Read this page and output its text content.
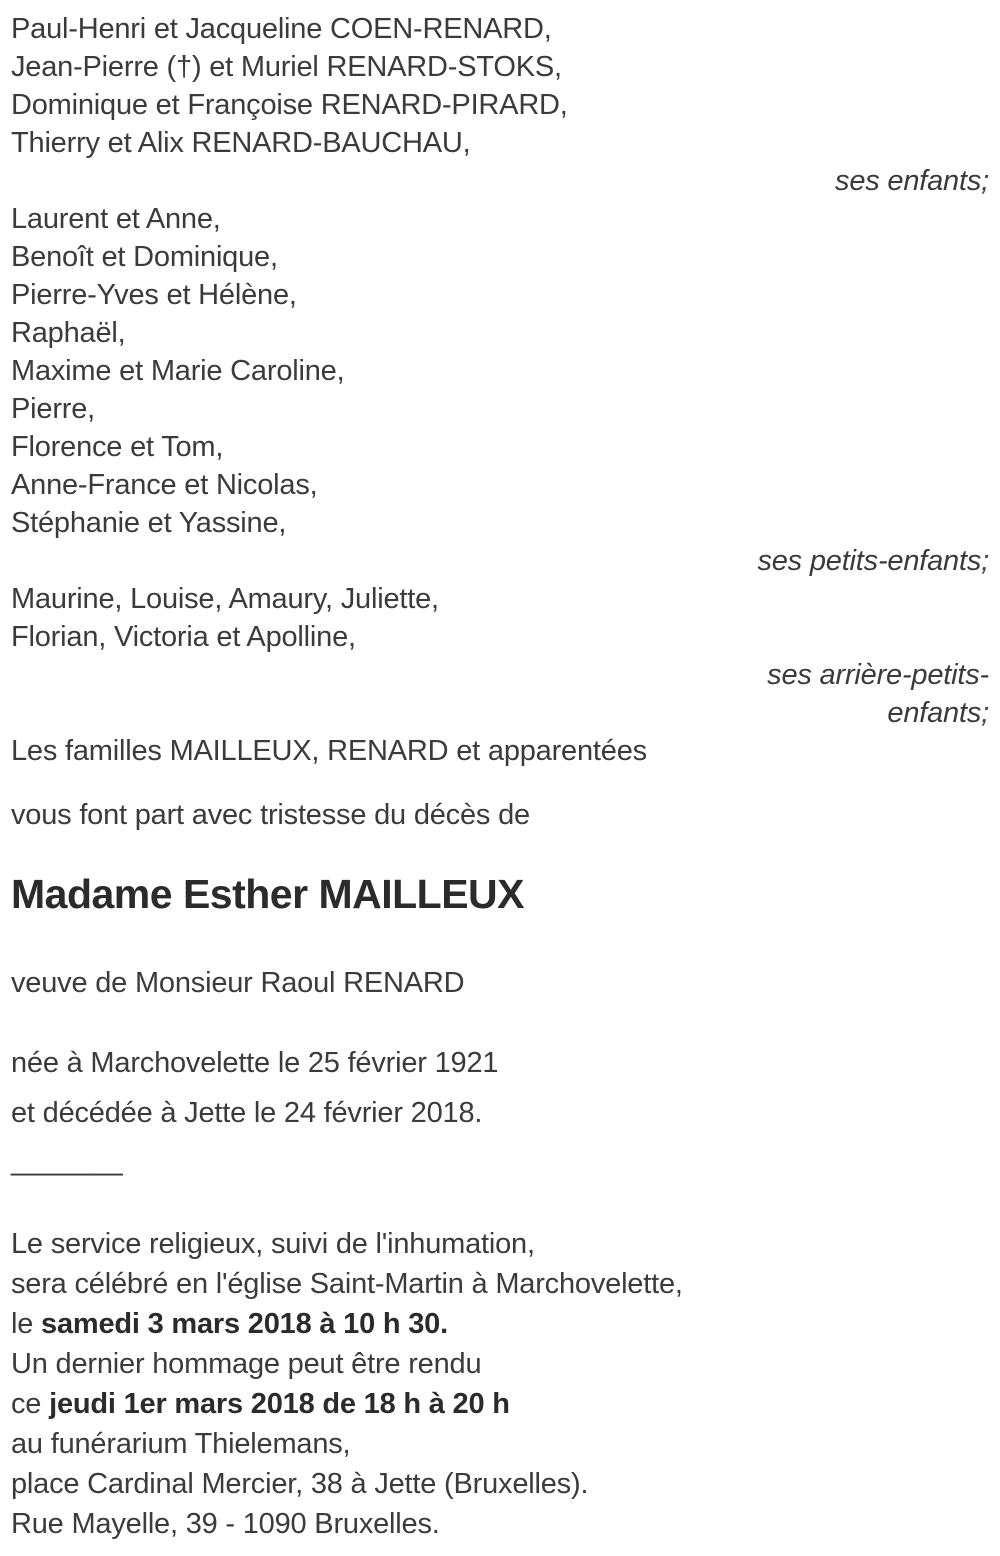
Paul-Henri et Jacqueline COEN-RENARD,
Jean-Pierre (†) et Muriel RENARD-STOKS,
Dominique et Françoise RENARD-PIRARD,
Thierry et Alix RENARD-BAUCHAU,
ses enfants;
Laurent et Anne,
Benoît et Dominique,
Pierre-Yves et Hélène,
Raphaël,
Maxime et Marie Caroline,
Pierre,
Florence et Tom,
Anne-France et Nicolas,
Stéphanie et Yassine,
ses petits-enfants;
Maurine, Louise, Amaury, Juliette,
Florian, Victoria et Apolline,
ses arrière-petits-
enfants;
Les familles MAILLEUX, RENARD et apparentées

vous font part avec tristesse du décès de

Madame Esther MAILLEUX

veuve de Monsieur Raoul RENARD

née à Marchovelette le 25 février 1921

et décédée à Jette le 24 février 2018.

_______

Le service religieux, suivi de l'inhumation,
sera célébré en l'église Saint-Martin à Marchovelette,
le samedi 3 mars 2018 à 10 h 30.
Un dernier hommage peut être rendu
ce jeudi 1er mars 2018 de 18 h à 20 h
au funérarium Thielemans,
place Cardinal Mercier, 38 à Jette (Bruxelles).
Rue Mayelle, 39 - 1090 Bruxelles.
